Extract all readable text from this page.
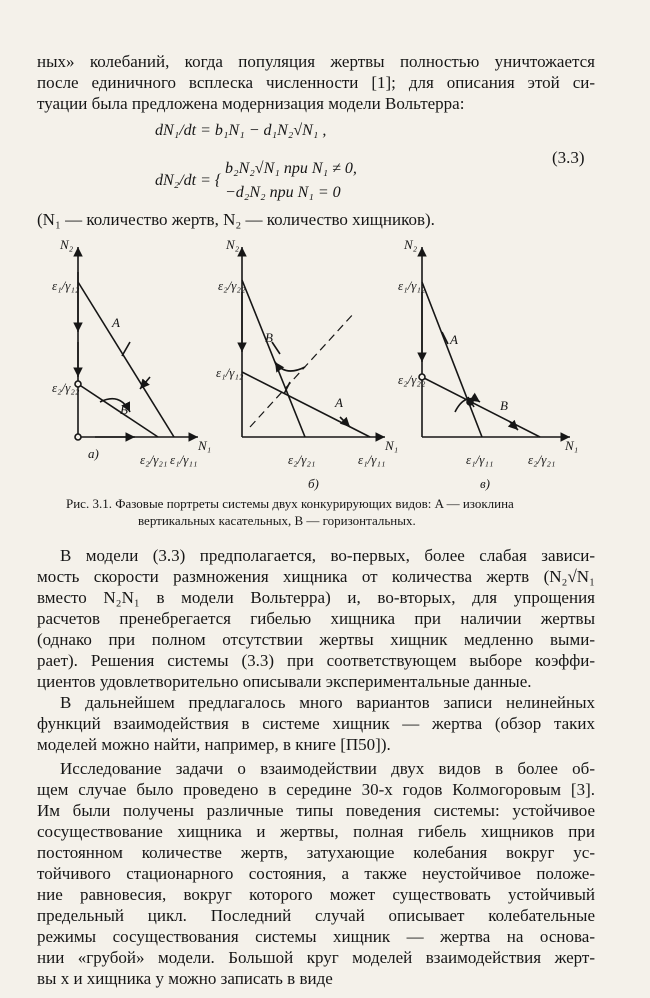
ных» колебаний, когда популяция жертвы полностью уничтожается
после единичного всплеска численности [1]; для описания этой си-
туации была предложена модернизация модели Вольтерра:
dN₁/dt = b₁N₁ − d₁N₂√N₁ ,
b₂N₂√N₁ при N₁ ≠ 0,
dN₂/dt = {
−d₂N₂ при N₁ = 0
(3.3)
(N₁ — количество жертв, N₂ — количество хищников).
N₂
ε₁/γ₁₂
ε₂/γ₂₂
A
B
ε₂/γ₂₁ ε₁/γ₁₁
N₁
а)
N₂
ε₂/γ₂₂
ε₁/γ₁₂
B
A
ε₂/γ₂₁	ε₁/γ₁₁
N₁
б)
N₂
ε₁/γ₁₂
ε₂/γ₂₂
A
B
ε₁/γ₁₁	ε₂/γ₂₁
N₁
в)
Рис. 3.1. Фазовые портреты системы двух конкурирующих видов: A — изоклина
вертикальных касательных, B — горизонтальных.
В модели (3.3) предполагается, во-первых, более слабая зависи-
мость скорости размножения хищника от количества жертв (N₂√N₁
вместо N₂N₁ в модели Вольтерра) и, во-вторых, для упрощения
расчетов пренебрегается гибелью хищника при наличии жертвы
(однако при полном отсутствии жертвы хищник медленно выми-
рает). Решения системы (3.3) при соответствующем выборе коэффи-
циентов удовлетворительно описывали экспериментальные данные.
В дальнейшем предлагалось много вариантов записи нелинейных
функций взаимодействия в системе хищник — жертва (обзор таких
моделей можно найти, например, в книге [П50]).
Исследование задачи о взаимодействии двух видов в более об-
щем случае было проведено в середине 30-х годов Колмогоровым [3].
Им были получены различные типы поведения системы: устойчивое
сосуществование хищника и жертвы, полная гибель хищников при
постоянном количестве жертв, затухающие колебания вокруг ус-
тойчивого стационарного состояния, а также неустойчивое положе-
ние равновесия, вокруг которого может существовать устойчивый
предельный цикл. Последний случай описывает колебательные
режимы сосуществования системы хищник — жертва на основа-
нии «грубой» модели. Большой круг моделей взаимодействия жерт-
вы x и хищника y можно записать в виде
